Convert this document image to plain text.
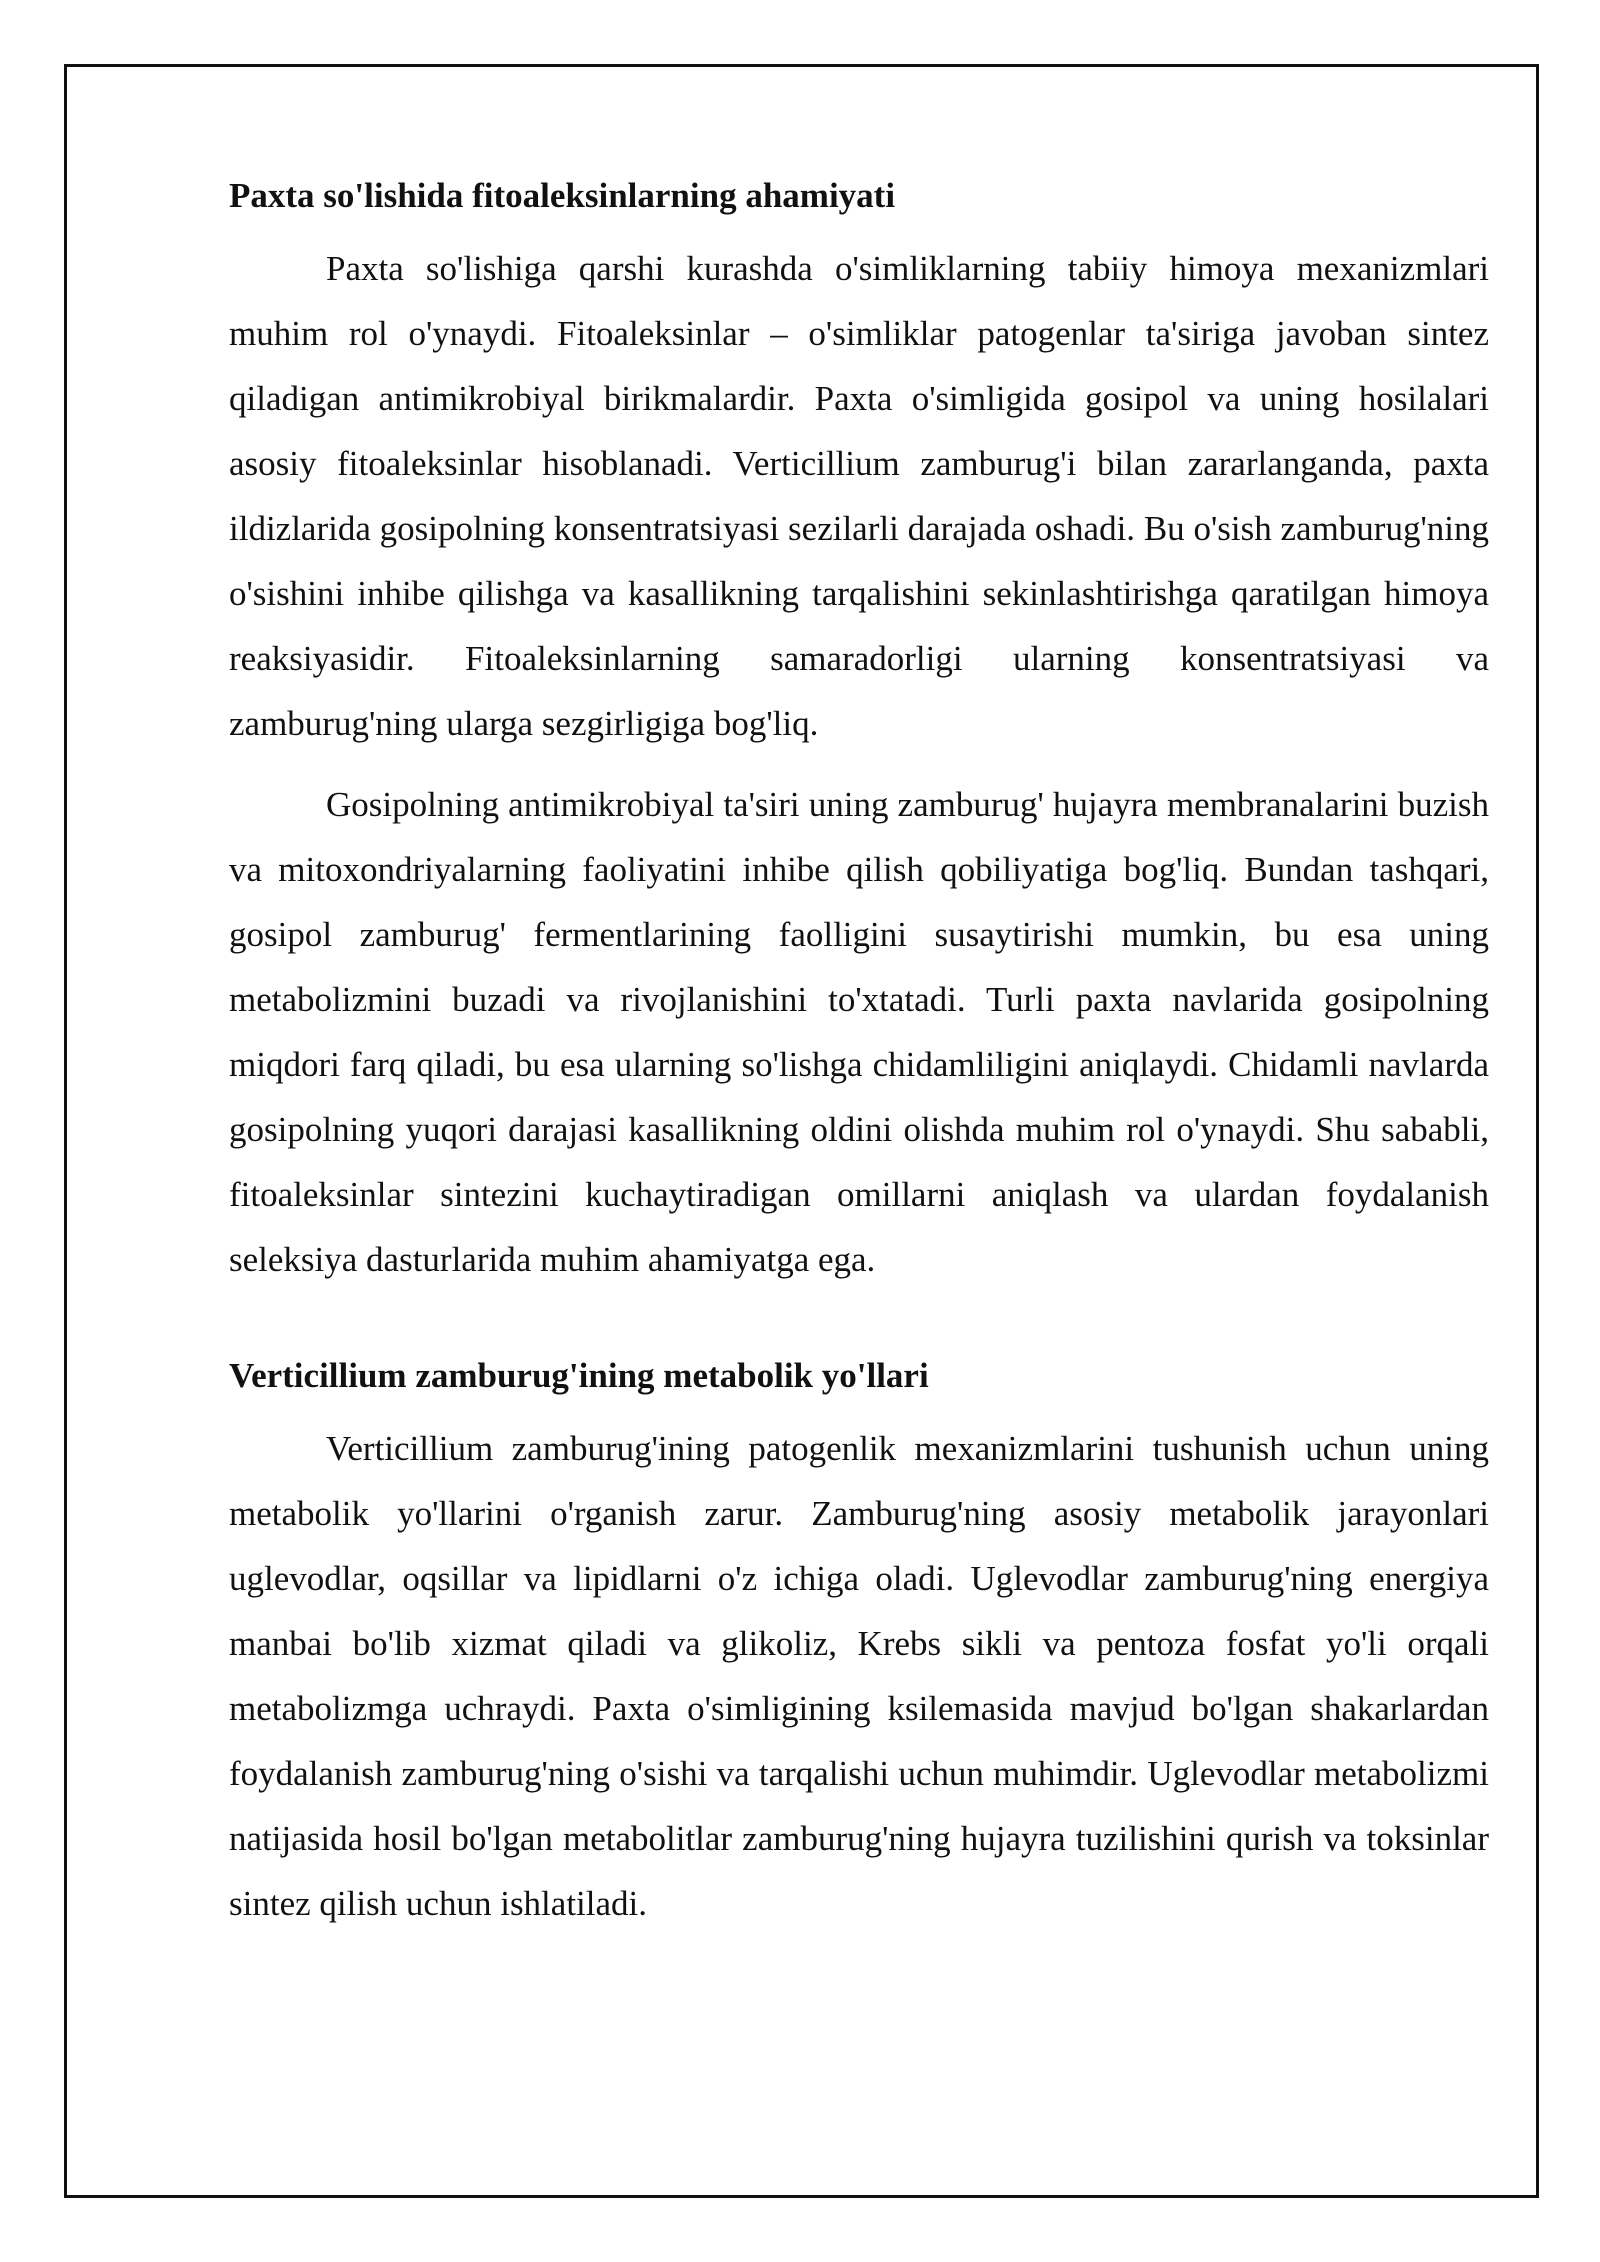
Paxta so'lishida fitoaleksinlarning ahamiyati

Paxta so'lishiga qarshi kurashda o'simliklarning tabiiy himoya mexanizmlari muhim rol o'ynaydi. Fitoaleksinlar – o'simliklar patogenlar ta'siriga javoban sintez qiladigan antimikrobiyal birikmalardir. Paxta o'simligida gosipol va uning hosilalari asosiy fitoaleksinlar hisoblanadi. Verticillium zamburug'i bilan zararlanganda, paxta ildizlarida gosipolning konsentratsiyasi sezilarli darajada oshadi. Bu o'sish zamburug'ning o'sishini inhibe qilishga va kasallikning tarqalishini sekinlashtirishga qaratilgan himoya reaksiyasidir. Fitoaleksinlarning samaradorligi ularning konsentratsiyasi va zamburug'ning ularga sezgirligiga bog'liq.

Gosipolning antimikrobiyal ta'siri uning zamburug' hujayra membranalarini buzish va mitoxondriyalarning faoliyatini inhibe qilish qobiliyatiga bog'liq. Bundan tashqari, gosipol zamburug' fermentlarining faolligini susaytirishi mumkin, bu esa uning metabolizmini buzadi va rivojlanishini to'xtatadi. Turli paxta navlarida gosipolning miqdori farq qiladi, bu esa ularning so'lishga chidamliligini aniqlaydi. Chidamli navlarda gosipolning yuqori darajasi kasallikning oldini olishda muhim rol o'ynaydi. Shu sababli, fitoaleksinlar sintezini kuchaytiradigan omillarni aniqlash va ulardan foydalanish seleksiya dasturlarida muhim ahamiyatga ega.

Verticillium zamburug'ining metabolik yo'llari

Verticillium zamburug'ining patogenlik mexanizmlarini tushunish uchun uning metabolik yo'llarini o'rganish zarur. Zamburug'ning asosiy metabolik jarayonlari uglevodlar, oqsillar va lipidlarni o'z ichiga oladi. Uglevodlar zamburug'ning energiya manbai bo'lib xizmat qiladi va glikoliz, Krebs sikli va pentoza fosfat yo'li orqali metabolizmga uchraydi. Paxta o'simligining ksilemasida mavjud bo'lgan shakarlardan foydalanish zamburug'ning o'sishi va tarqalishi uchun muhimdir. Uglevodlar metabolizmi natijasida hosil bo'lgan metabolitlar zamburug'ning hujayra tuzilishini qurish va toksinlar sintez qilish uchun ishlatiladi.
